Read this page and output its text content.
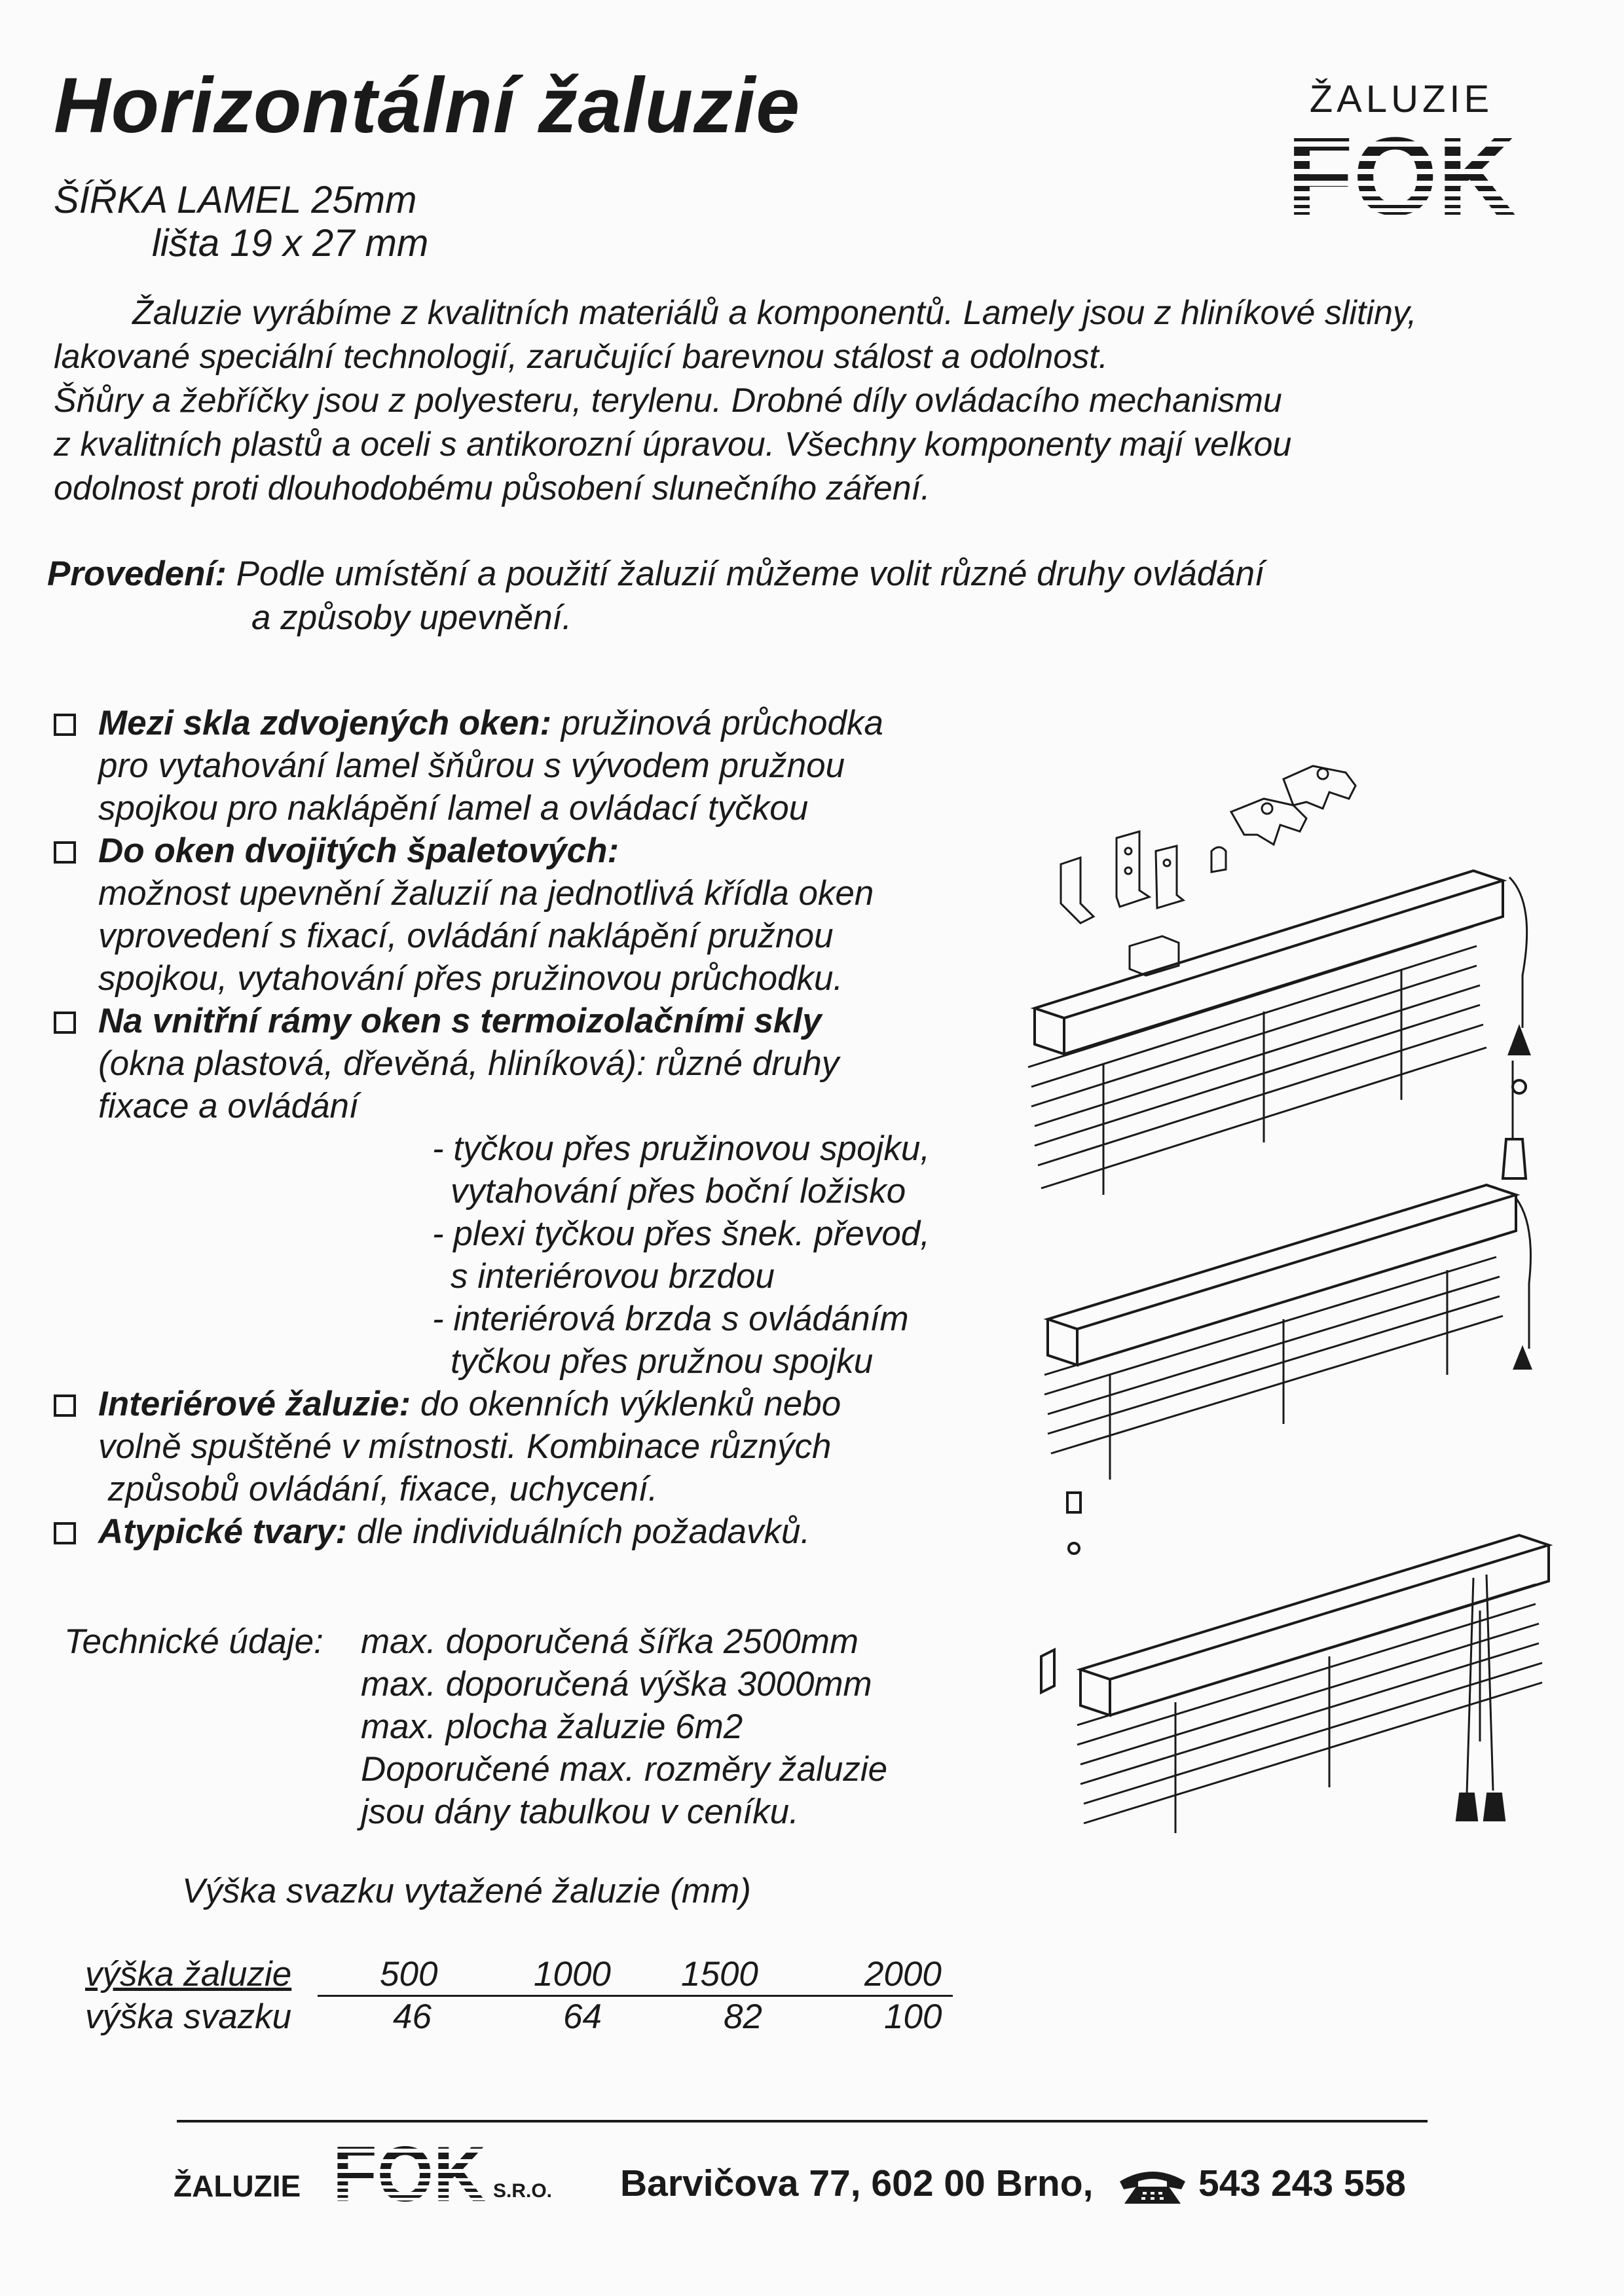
Horizontální žaluzie
ŠÍŘKA LAMEL 25mm
lišta 19 x 27 mm
ŽALUZIE
Žaluzie vyrábíme z kvalitních materiálů a komponentů. Lamely jsou z hliníkové slitiny,
lakované speciální technologií, zaručující barevnou stálost a odolnost.
Šňůry a žebříčky jsou z polyesteru, terylenu. Drobné díly ovládacího mechanismu
z kvalitních plastů a oceli s antikorozní úpravou. Všechny komponenty mají velkou
odolnost proti dlouhodobému působení slunečního záření.
Provedení: Podle umístění a použití žaluzií můžeme volit různé druhy ovládání
a způsoby upevnění.
Mezi skla zdvojených oken: pružinová průchodka
pro vytahování lamel šňůrou s vývodem pružnou
spojkou pro naklápění lamel a ovládací tyčkou
Do oken dvojitých špaletových:
možnost upevnění žaluzií na jednotlivá křídla oken
vprovedení s fixací, ovládání naklápění pružnou
spojkou, vytahování přes pružinovou průchodku.
Na vnitřní rámy oken s termoizolačními skly
(okna plastová, dřevěná, hliníková): různé druhy
fixace a ovládání
- tyčkou přes pružinovou spojku,
vytahování přes boční ložisko
- plexi tyčkou přes šnek. převod,
s interiérovou brzdou
- interiérová brzda s ovládáním
tyčkou přes pružnou spojku
Interiérové žaluzie: do okenních výklenků nebo
volně spuštěné v místnosti. Kombinace různých
způsobů ovládání, fixace, uchycení.
Atypické tvary: dle individuálních požadavků.
Technické údaje: max. doporučená šířka 2500mm
max. doporučená výška 3000mm
max. plocha žaluzie 6m2
Doporučené max. rozměry žaluzie
jsou dány tabulkou v ceníku.
Výška svazku vytažené žaluzie (mm)
výška žaluzie	500	1000 1500	2000
výška svazku	46	64	82	100
ŽALUZIE	S.R.O. Barvičova 77, 602 00 Brno,	543 243 558
